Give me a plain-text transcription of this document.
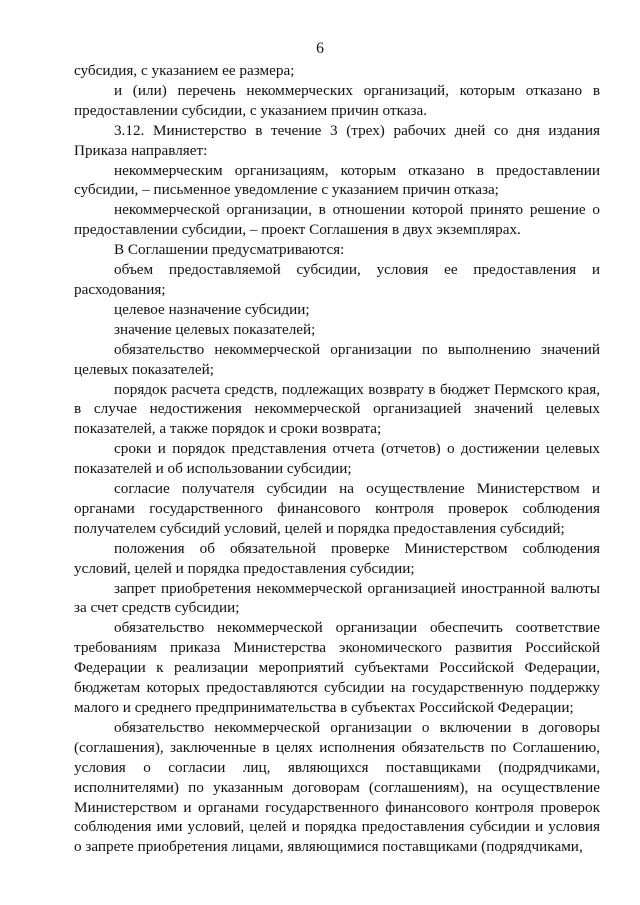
6

субсидия, с указанием ее размера;

и (или) перечень некоммерческих организаций, которым отказано в предоставлении субсидии, с указанием причин отказа.

3.12. Министерство в течение 3 (трех) рабочих дней со дня издания Приказа направляет:

некоммерческим организациям, которым отказано в предоставлении субсидии, – письменное уведомление с указанием причин отказа;

некоммерческой организации, в отношении которой принято решение о предоставлении субсидии, – проект Соглашения в двух экземплярах.

В Соглашении предусматриваются:

объем предоставляемой субсидии, условия ее предоставления и расходования;

целевое назначение субсидии;

значение целевых показателей;

обязательство некоммерческой организации по выполнению значений целевых показателей;

порядок расчета средств, подлежащих возврату в бюджет Пермского края, в случае недостижения некоммерческой организацией значений целевых показателей, а также порядок и сроки возврата;

сроки и порядок представления отчета (отчетов) о достижении целевых показателей и об использовании субсидии;

согласие получателя субсидии на осуществление Министерством и органами государственного финансового контроля проверок соблюдения получателем субсидий условий, целей и порядка предоставления субсидий;

положения об обязательной проверке Министерством соблюдения условий, целей и порядка предоставления субсидии;

запрет приобретения некоммерческой организацией иностранной валюты за счет средств субсидии;

обязательство некоммерческой организации обеспечить соответствие требованиям приказа Министерства экономического развития Российской Федерации к реализации мероприятий субъектами Российской Федерации, бюджетам которых предоставляются субсидии на государственную поддержку малого и среднего предпринимательства в субъектах Российской Федерации;

обязательство некоммерческой организации о включении в договоры (соглашения), заключенные в целях исполнения обязательств по Соглашению, условия о согласии лиц, являющихся поставщиками (подрядчиками, исполнителями) по указанным договорам (соглашениям), на осуществление Министерством и органами государственного финансового контроля проверок соблюдения ими условий, целей и порядка предоставления субсидии и условия о запрете приобретения лицами, являющимися поставщиками (подрядчиками,
